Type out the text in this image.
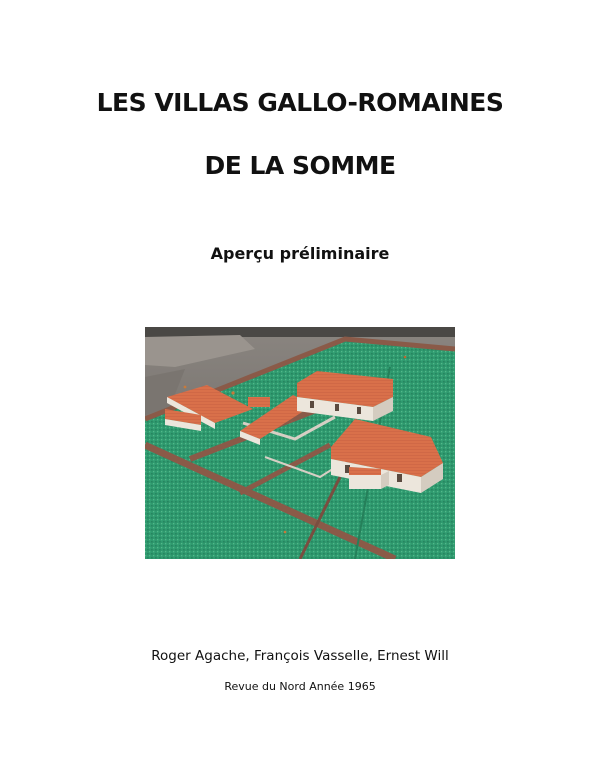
LES VILLAS GALLO-ROMAINES
DE LA SOMME

Aperçu préliminaire

Roger Agache, François Vasselle, Ernest Will

Revue du Nord Année 1965
